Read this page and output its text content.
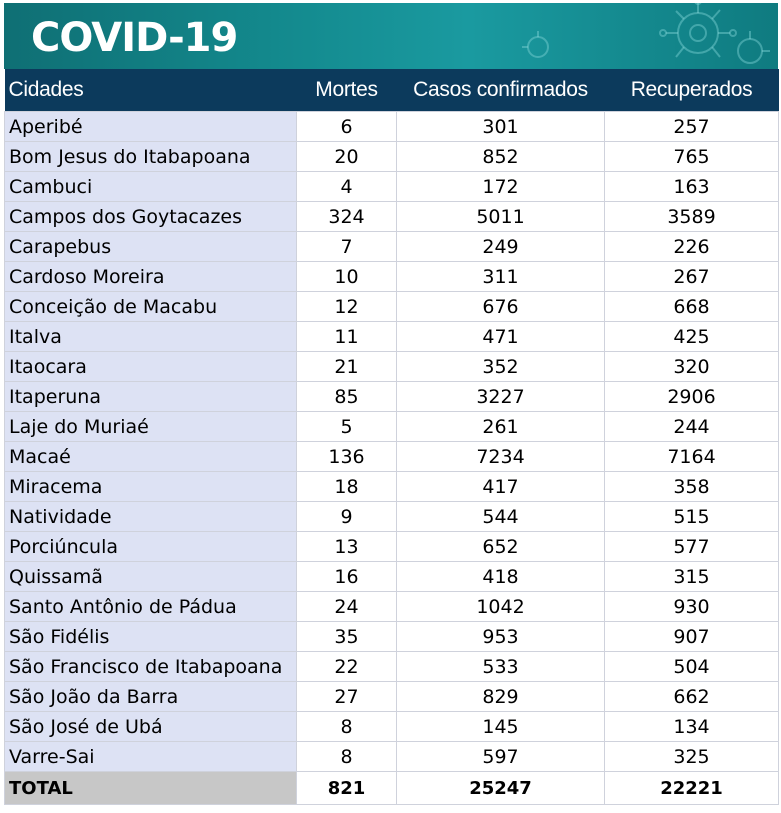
COVID-19
Cidades	Mortes	Casos confirmados	Recuperados
Aperibé	6	301	257
Bom Jesus do Itabapoana	20	852	765
Cambuci	4	172	163
Campos dos Goytacazes	324	5011	3589
Carapebus	7	249	226
Cardoso Moreira	10	311	267
Conceição de Macabu	12	676	668
Italva	11	471	425
Itaocara	21	352	320
Itaperuna	85	3227	2906
Laje do Muriaé	5	261	244
Macaé	136	7234	7164
Miracema	18	417	358
Natividade	9	544	515
Porciúncula	13	652	577
Quissamã	16	418	315
Santo Antônio de Pádua	24	1042	930
São Fidélis	35	953	907
São Francisco de Itabapoana	22	533	504
São João da Barra	27	829	662
São José de Ubá	8	145	134
Varre-Sai	8	597	325
TOTAL	821	25247	22221
